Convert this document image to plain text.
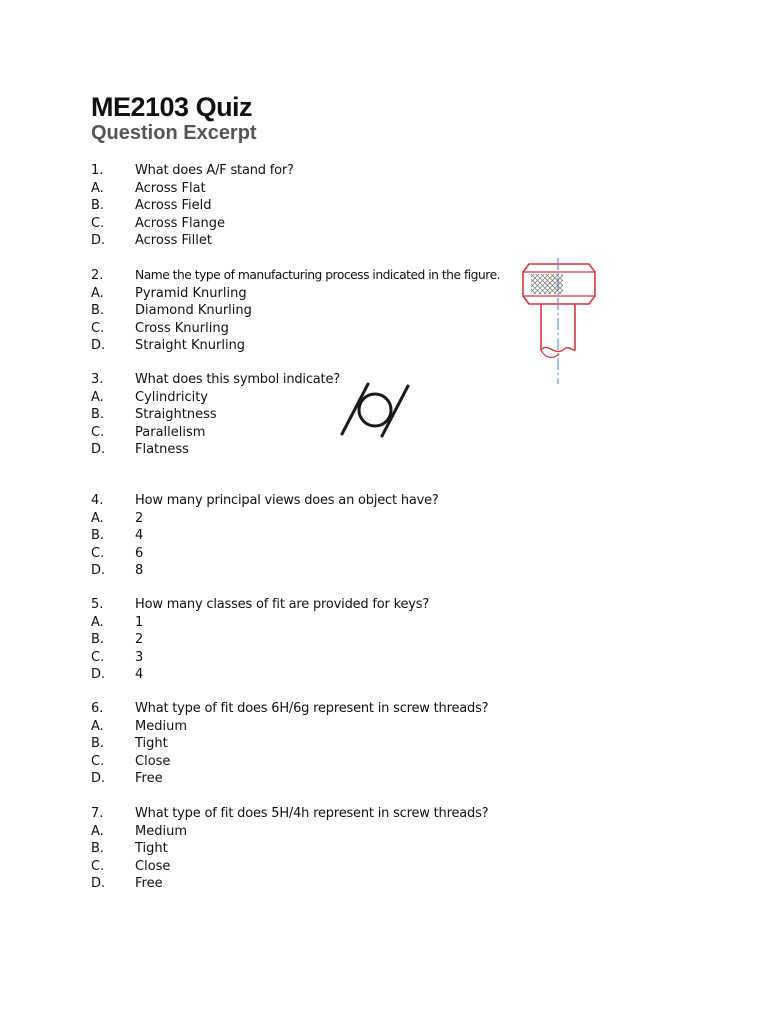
ME2103 Quiz
Question Excerpt
1. What does A/F stand for?
A. Across Flat
B. Across Field
C. Across Flange
D. Across Fillet
2.	Name the type of manufacturing process indicated in the figure.
A. Pyramid Knurling
B. Diamond Knurling
C. Cross Knurling
D. Straight Knurling
3. What does this symbol indicate?
A. Cylindricity
B. Straightness
C. Parallelism
D. Flatness
4. How many principal views does an object have?
A. 2
B. 4
C. 6
D. 8
5. How many classes of fit are provided for keys?
A. 1
B. 2
C. 3
D. 4
6. What type of fit does 6H/6g represent in screw threads?
A. Medium
B. Tight
C. Close
D. Free
7. What type of fit does 5H/4h represent in screw threads?
A. Medium
B. Tight
C. Close
D. Free
